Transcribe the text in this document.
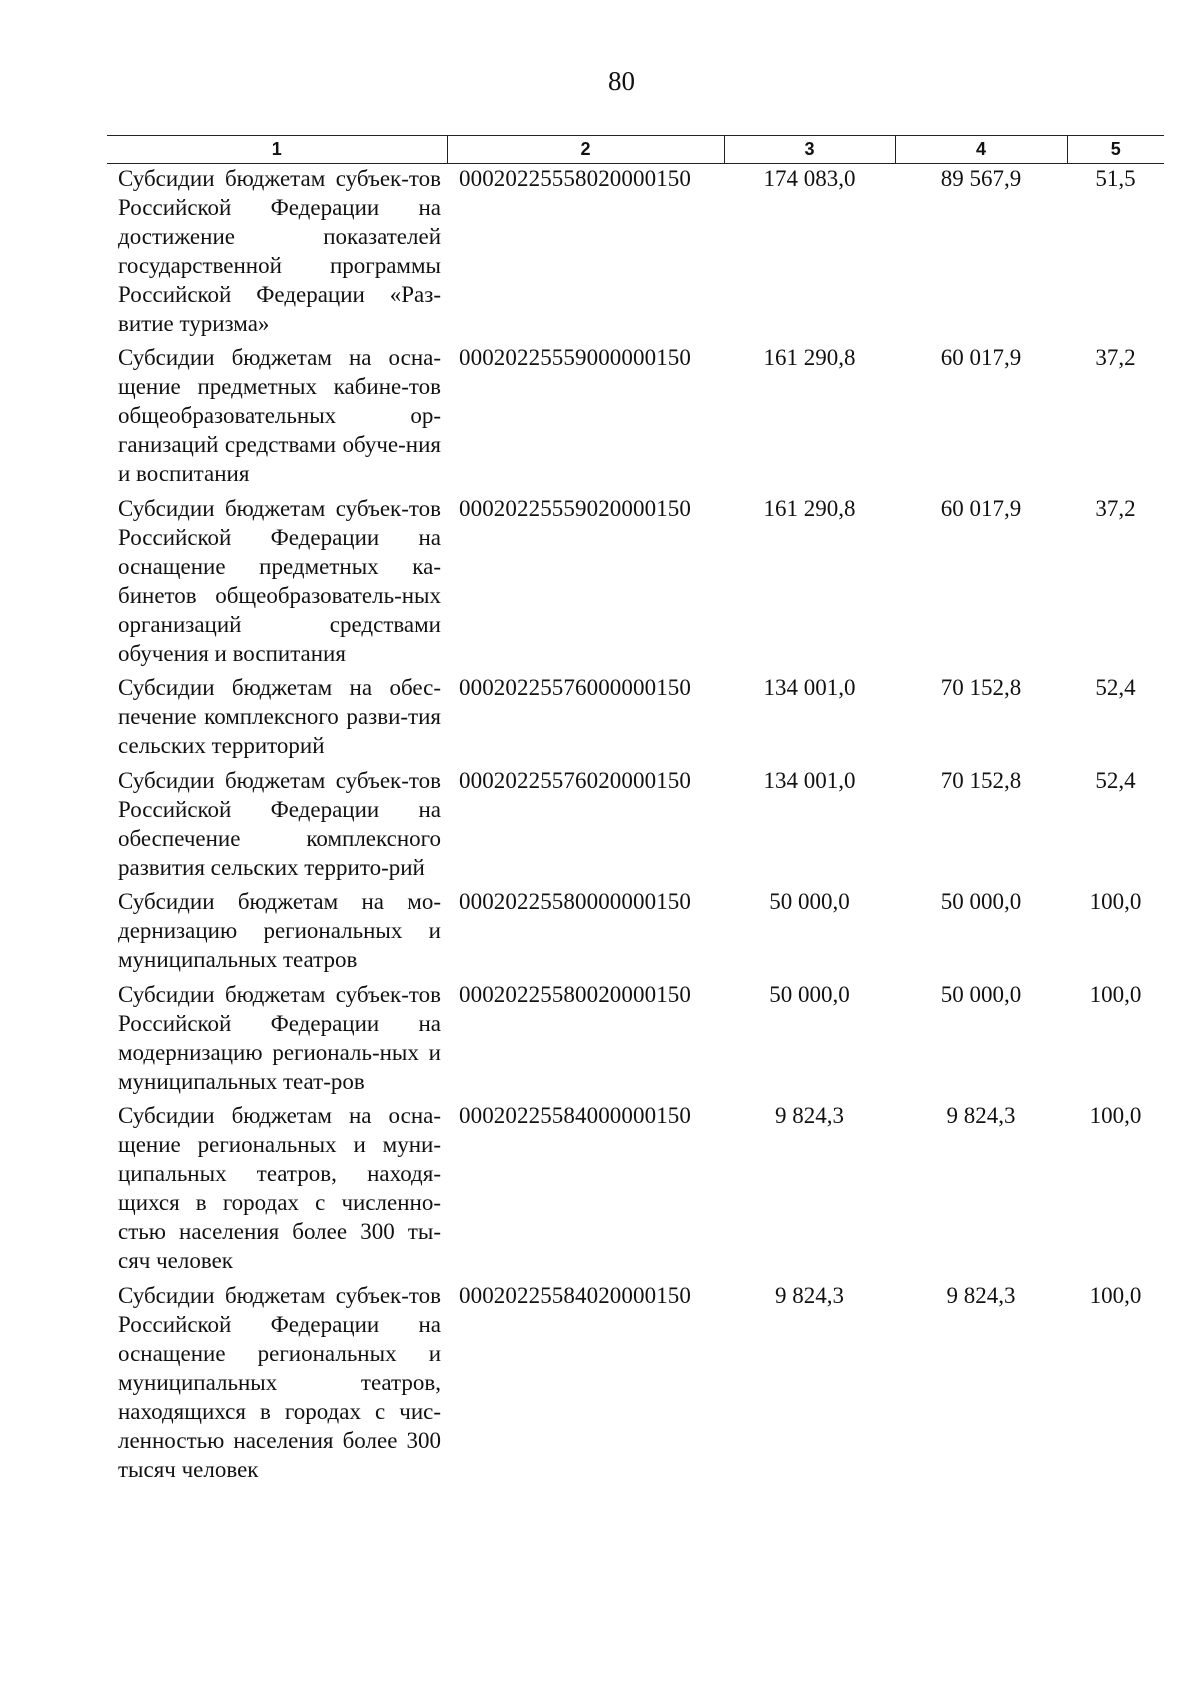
80
1	2	3	4	5
Субсидии бюджетам субъек-тов Российской Федерации на достижение показателей государственной программы Российской Федерации «Раз-витие туризма»	00020225558020000150	174 083,0	89 567,9	51,5
Субсидии бюджетам на осна-щение предметных кабине-тов общеобразовательных ор-ганизаций средствами обуче-ния и воспитания	00020225559000000150	161 290,8	60 017,9	37,2
Субсидии бюджетам субъек-тов Российской Федерации на оснащение предметных ка-бинетов общеобразователь-ных организаций средствами обучения и воспитания	00020225559020000150	161 290,8	60 017,9	37,2
Субсидии бюджетам на обес-печение комплексного разви-тия сельских территорий	00020225576000000150	134 001,0	70 152,8	52,4
Субсидии бюджетам субъек-тов Российской Федерации на обеспечение комплексного развития сельских террито-рий	00020225576020000150	134 001,0	70 152,8	52,4
Субсидии бюджетам на мо-дернизацию региональных и муниципальных театров	00020225580000000150	50 000,0	50 000,0	100,0
Субсидии бюджетам субъек-тов Российской Федерации на модернизацию региональ-ных и муниципальных теат-ров	00020225580020000150	50 000,0	50 000,0	100,0
Субсидии бюджетам на осна-щение региональных и муни-ципальных театров, находя-щихся в городах с численно-стью населения более 300 ты-сяч человек	00020225584000000150	9 824,3	9 824,3	100,0
Субсидии бюджетам субъек-тов Российской Федерации на оснащение региональных и муниципальных театров, находящихся в городах с чис-ленностью населения более 300 тысяч человек	00020225584020000150	9 824,3	9 824,3	100,0
